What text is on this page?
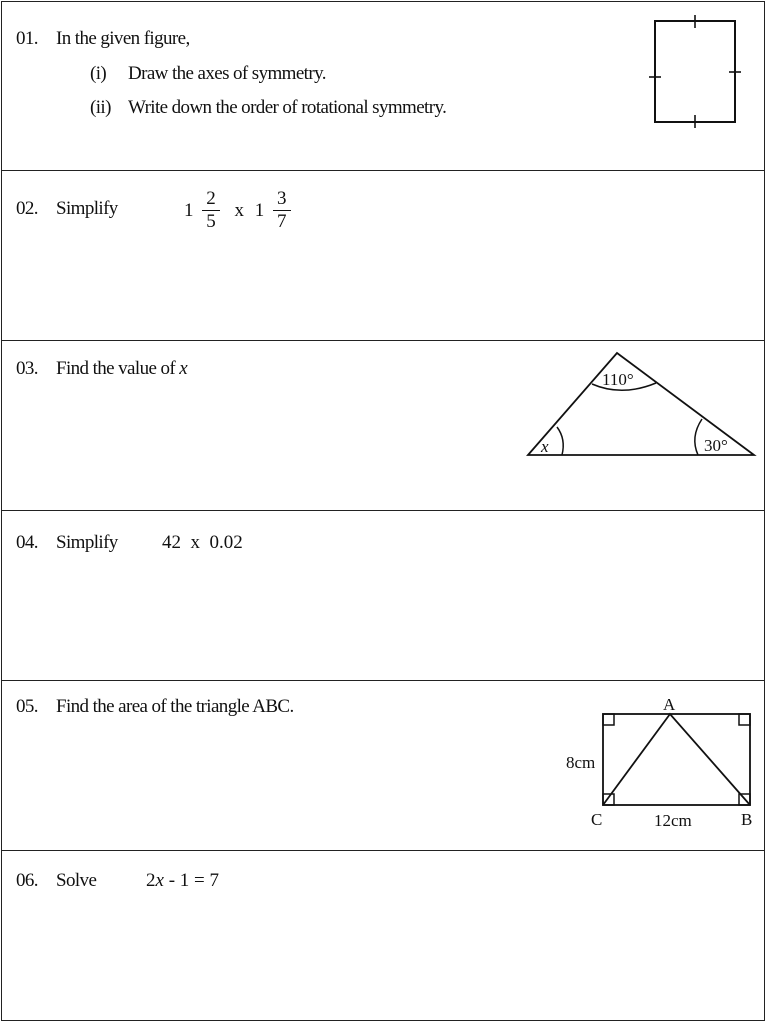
01. In the given figure,
(i) Draw the axes of symmetry.
(ii) Write down the order of rotational symmetry.
02. Simplify	$1 \frac{2}{5}$ x $1 \frac{3}{7}$
03. Find the value of x
110°
x	30°
04. Simplify 42  x  0.02
05. Find the area of the triangle ABC.	A
C	B
8cm
12cm
06. Solve	2x - 1 = 7
